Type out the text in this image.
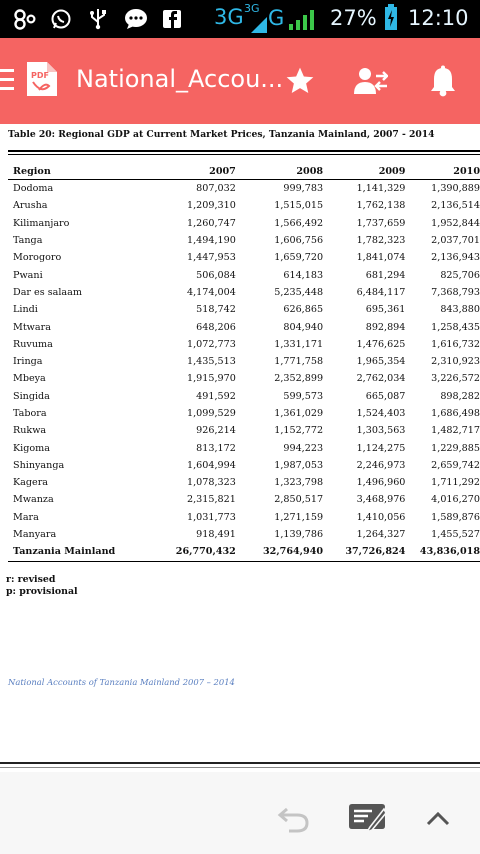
3G 3G G 27% 12:10
PDF National_Accou...
Table 20: Regional GDP at Current Market Prices, Tanzania Mainland, 2007 - 2014
Region	2007	2008	2009	2010
Dodoma	807,032	999,783	1,141,329	1,390,889
Arusha	1,209,310	1,515,015	1,762,138	2,136,514
Kilimanjaro	1,260,747	1,566,492	1,737,659	1,952,844
Tanga	1,494,190	1,606,756	1,782,323	2,037,701
Morogoro	1,447,953	1,659,720	1,841,074	2,136,943
Pwani	506,084	614,183	681,294	825,706
Dar es salaam	4,174,004	5,235,448	6,484,117	7,368,793
Lindi	518,742	626,865	695,361	843,880
Mtwara	648,206	804,940	892,894	1,258,435
Ruvuma	1,072,773	1,331,171	1,476,625	1,616,732
Iringa	1,435,513	1,771,758	1,965,354	2,310,923
Mbeya	1,915,970	2,352,899	2,762,034	3,226,572
Singida	491,592	599,573	665,087	898,282
Tabora	1,099,529	1,361,029	1,524,403	1,686,498
Rukwa	926,214	1,152,772	1,303,563	1,482,717
Kigoma	813,172	994,223	1,124,275	1,229,885
Shinyanga	1,604,994	1,987,053	2,246,973	2,659,742
Kagera	1,078,323	1,323,798	1,496,960	1,711,292
Mwanza	2,315,821	2,850,517	3,468,976	4,016,270
Mara	1,031,773	1,271,159	1,410,056	1,589,876
Manyara	918,491	1,139,786	1,264,327	1,455,527
Tanzania Mainland	26,770,432	32,764,940	37,726,824	43,836,018
r: revised
p: provisional
National Accounts of Tanzania Mainland 2007 – 2014
